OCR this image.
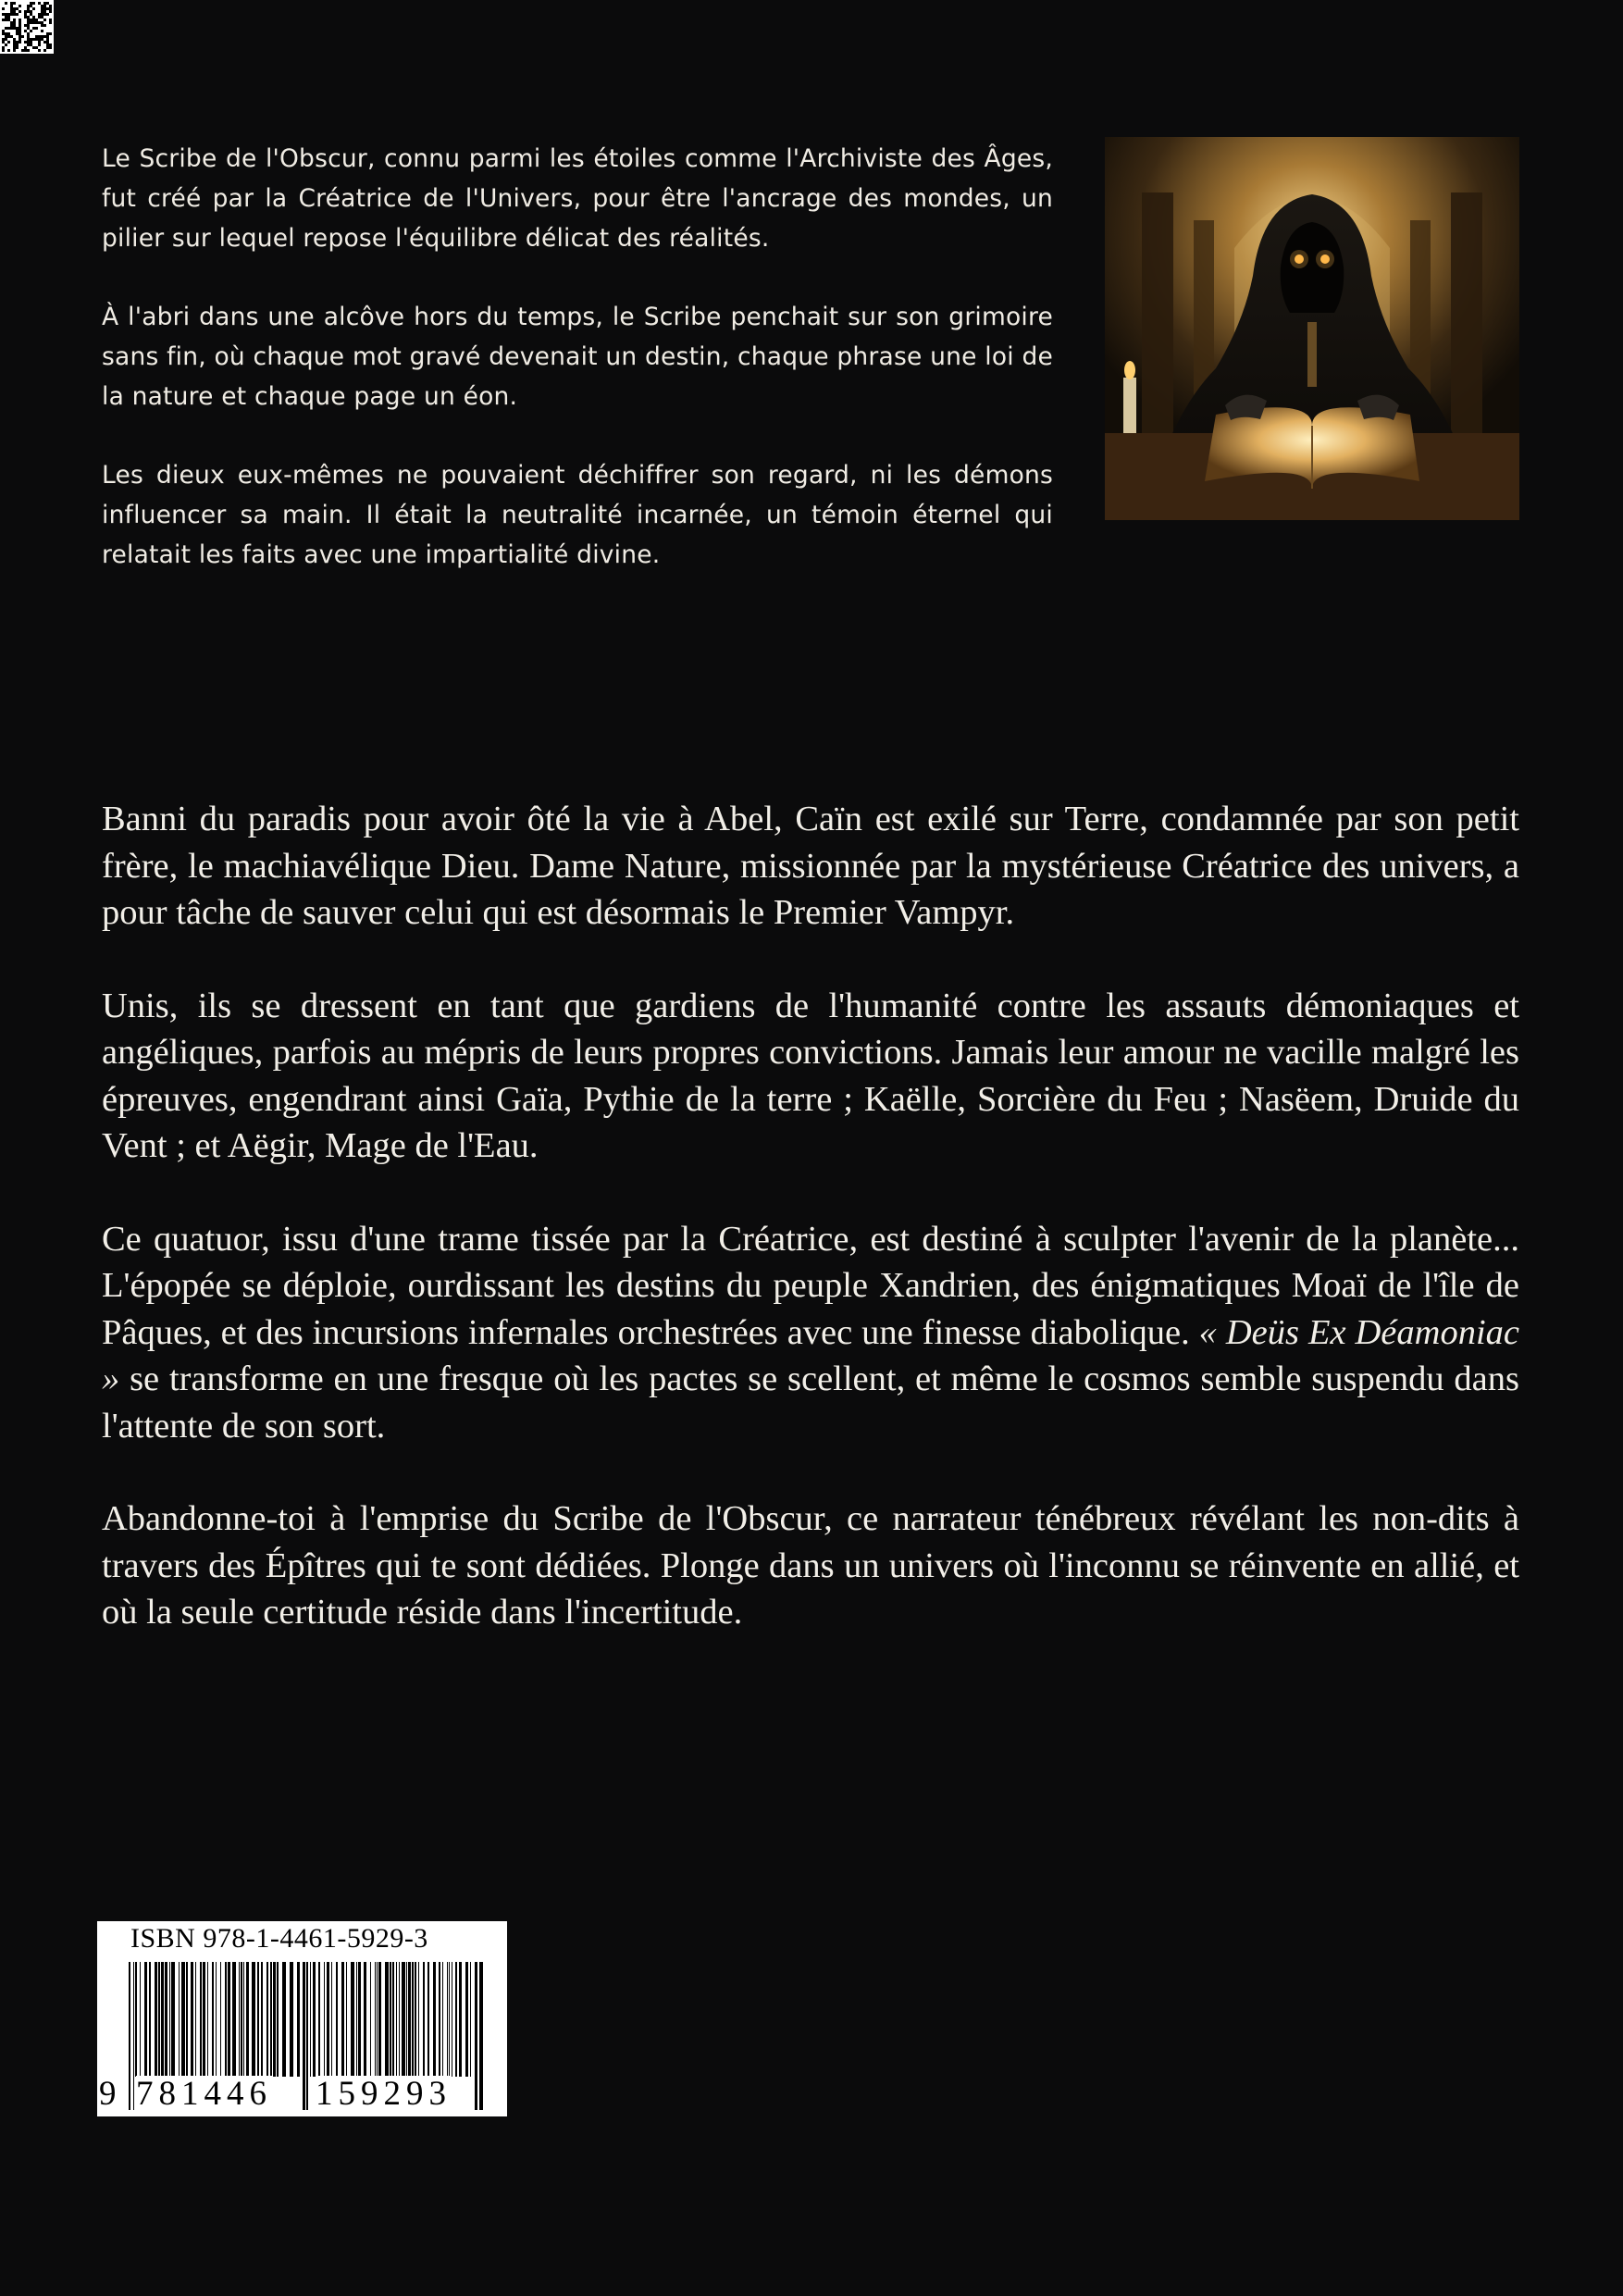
Le Scribe de l'Obscur, connu parmi les étoiles comme l'Archiviste des Âges, fut créé par la Créatrice de l'Univers, pour être l'ancrage des mondes, un pilier sur lequel repose l'équilibre délicat des réalités.

À l'abri dans une alcôve hors du temps, le Scribe penchait sur son grimoire sans fin, où chaque mot gravé devenait un destin, chaque phrase une loi de la nature et chaque page un éon.

Les dieux eux-mêmes ne pouvaient déchiffrer son regard, ni les démons influencer sa main. Il était la neutralité incarnée, un témoin éternel qui relatait les faits avec une impartialité divine.

Banni du paradis pour avoir ôté la vie à Abel, Caïn est exilé sur Terre, condamnée par son petit frère, le machiavélique Dieu. Dame Nature, missionnée par la mystérieuse Créatrice des univers, a pour tâche de sauver celui qui est désormais le Premier Vampyr.

Unis, ils se dressent en tant que gardiens de l'humanité contre les assauts démoniaques et angéliques, parfois au mépris de leurs propres convictions. Jamais leur amour ne vacille malgré les épreuves, engendrant ainsi Gaïa, Pythie de la terre ; Kaëlle, Sorcière du Feu ; Nasëem, Druide du Vent ; et Aëgir, Mage de l'Eau.

Ce quatuor, issu d'une trame tissée par la Créatrice, est destiné à sculpter l'avenir de la planète... L'épopée se déploie, ourdissant les destins du peuple Xandrien, des énigmatiques Moaï de l'île de Pâques, et des incursions infernales orchestrées avec une finesse diabolique. « Deüs Ex Déamoniac » se transforme en une fresque où les pactes se scellent, et même le cosmos semble suspendu dans l'attente de son sort.

Abandonne-toi à l'emprise du Scribe de l'Obscur, ce narrateur ténébreux révélant les non-dits à travers des Épîtres qui te sont dédiées. Plonge dans un univers où l'inconnu se réinvente en allié, et où la seule certitude réside dans l'incertitude.

ISBN 978-1-4461-5929-3
9 781446 159293
